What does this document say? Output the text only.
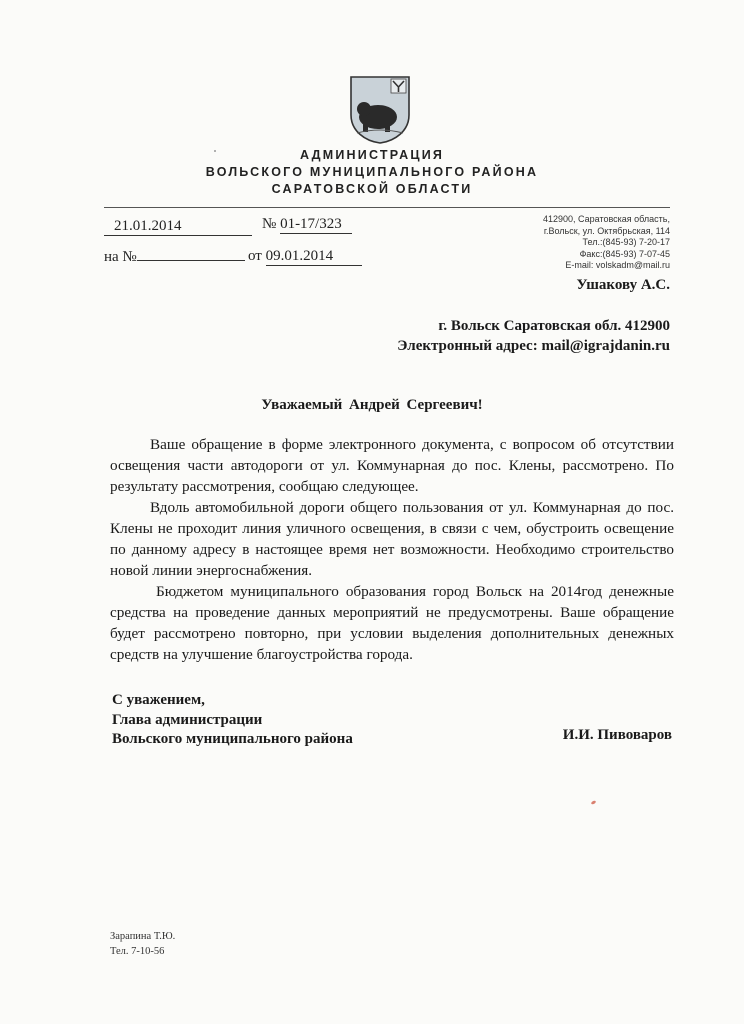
АДМИНИСТРАЦИЯ
ВОЛЬСКОГО МУНИЦИПАЛЬНОГО РАЙОНА
САРАТОВСКОЙ ОБЛАСТИ
21.01.2014	№ 01-17/323
на №	от 09.01.2014
412900, Саратовская область,
г.Вольск, ул. Октябрьская, 114
Тел.:(845-93) 7-20-17
Факс:(845-93) 7-07-45
E-mail: volskadm@mail.ru
Ушакову А.С.
г. Вольск Саратовская обл. 412900
Электронный адрес: mail@igrajdanin.ru
Уважаемый Андрей Сергеевич!

Ваше обращение в форме электронного документа, с вопросом об отсутствии освещения части автодороги от ул. Коммунарная до пос. Клены, рассмотрено. По результату рассмотрения, сообщаю следующее.

Вдоль автомобильной дороги общего пользования от ул. Коммунарная до пос. Клены не проходит линия уличного освещения, в связи с чем, обустроить освещение по данному адресу в настоящее время нет возможности. Необходимо строительство новой линии энергоснабжения.

Бюджетом муниципального образования город Вольск на 2014год денежные средства на проведение данных мероприятий не предусмотрены. Ваше обращение будет рассмотрено повторно, при условии выделения дополнительных денежных средств на улучшение благоустройства города.

С уважением,
Глава администрации
Вольского муниципального района	И.И. Пивоваров
Зарапина Т.Ю.
Тел. 7-10-56
